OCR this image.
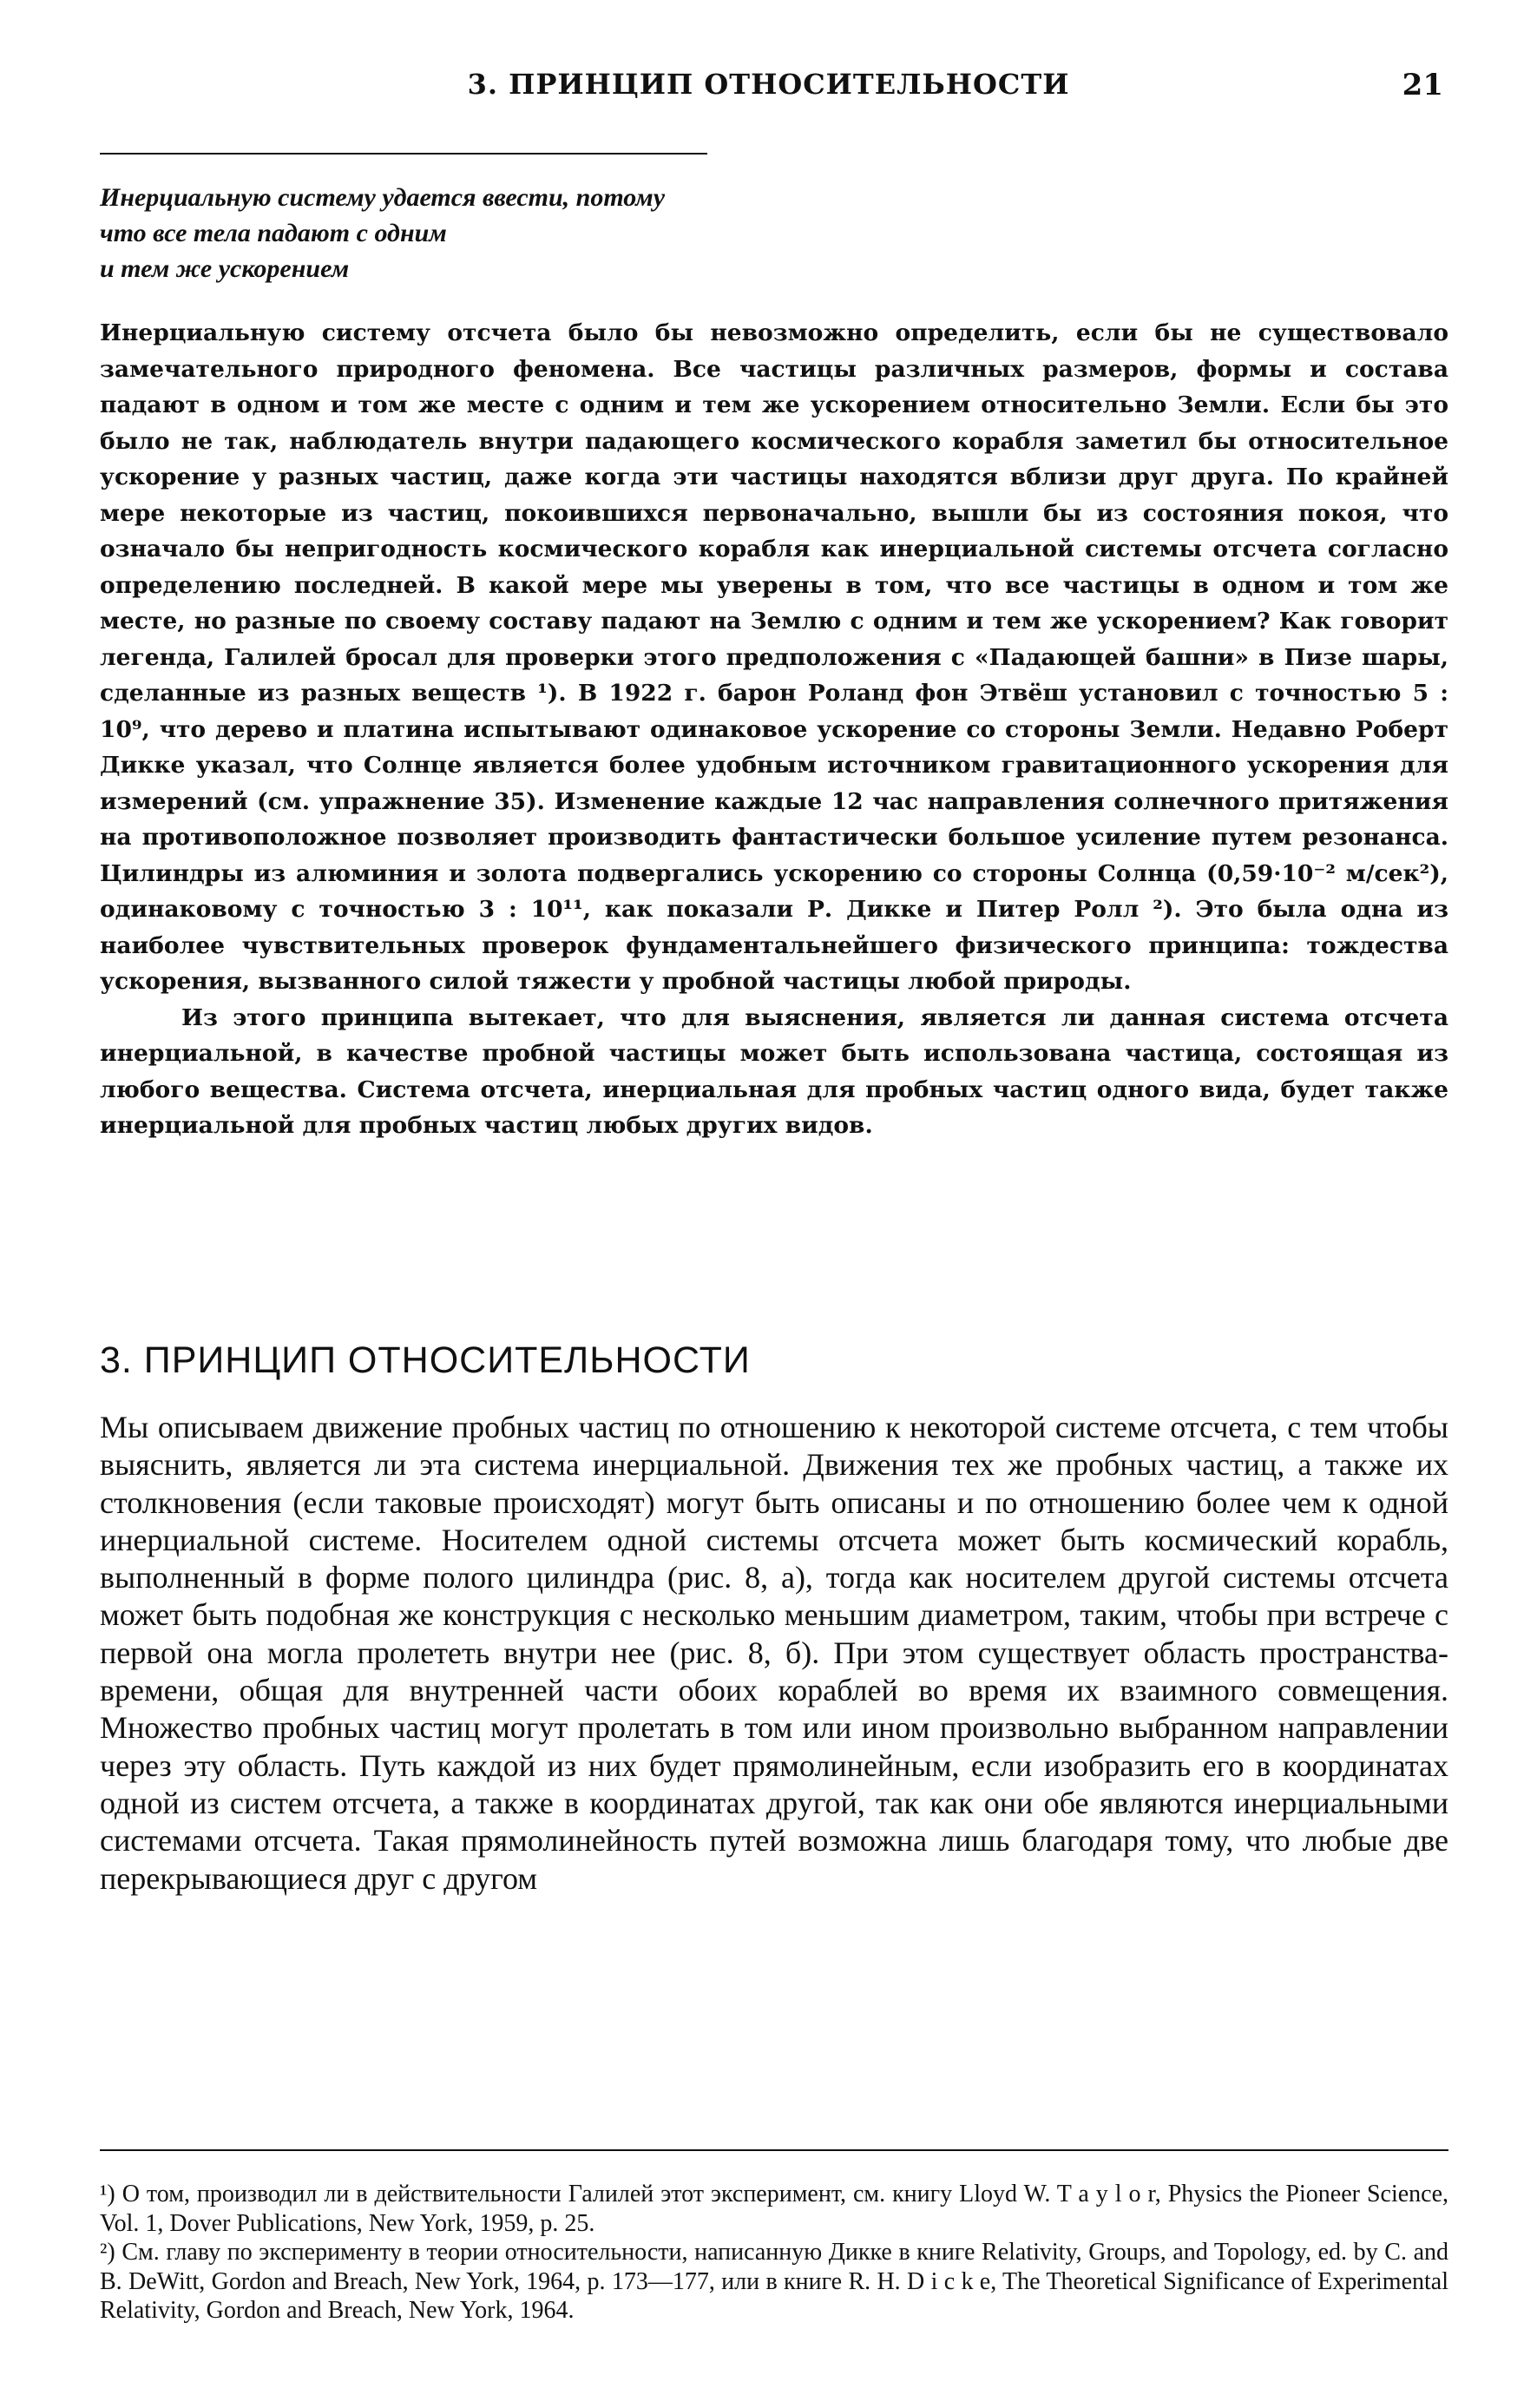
3. ПРИНЦИП ОТНОСИТЕЛЬНОСТИ	21
Инерциальную систему удается ввести, потому
что все тела падают с одним
и тем же ускорением

Инерциальную систему отсчета было бы невозможно определить, если бы не существовало замечательного природного феномена. Все частицы различных размеров, формы и состава падают в одном и том же месте с одним и тем же ускорением относительно Земли. Если бы это было не так, наблюдатель внутри падающего космического корабля заметил бы относительное ускорение у разных частиц, даже когда эти частицы находятся вблизи друг друга. По крайней мере некоторые из частиц, покоившихся первоначально, вышли бы из состояния покоя, что означало бы непригодность космического корабля как инерциальной системы отсчета согласно определению последней. В какой мере мы уверены в том, что все частицы в одном и том же месте, но разные по своему составу падают на Землю с одним и тем же ускорением? Как говорит легенда, Галилей бросал для проверки этого предположения с «Падающей башни» в Пизе шары, сделанные из разных веществ ¹). В 1922 г. барон Роланд фон Этвёш установил с точностью 5 : 10⁹, что дерево и платина испытывают одинаковое ускорение со стороны Земли. Недавно Роберт Дикке указал, что Солнце является более удобным источником гравитационного ускорения для измерений (см. упражнение 35). Изменение каждые 12 час направления солнечного притяжения на противоположное позволяет производить фантастически большое усиление путем резонанса. Цилиндры из алюминия и золота подвергались ускорению со стороны Солнца (0,59·10⁻² м/сек²), одинаковому с точностью 3 : 10¹¹, как показали Р. Дикке и Питер Ролл ²). Это была одна из наиболее чувствительных проверок фундаментальнейшего физического принципа: тождества ускорения, вызванного силой тяжести у пробной частицы любой природы.

Из этого принципа вытекает, что для выяснения, является ли данная система отсчета инерциальной, в качестве пробной частицы может быть использована частица, состоящая из любого вещества. Система отсчета, инерциальная для пробных частиц одного вида, будет также инерциальной для пробных частиц любых других видов.

3. ПРИНЦИП ОТНОСИТЕЛЬНОСТИ

Мы описываем движение пробных частиц по отношению к некоторой системе отсчета, с тем чтобы выяснить, является ли эта система инерциальной. Движения тех же пробных частиц, а также их столкновения (если таковые происходят) могут быть описаны и по отношению более чем к одной инерциальной системе. Носителем одной системы отсчета может быть космический корабль, выполненный в форме полого цилиндра (рис. 8, а), тогда как носителем другой системы отсчета может быть подобная же конструкция с несколько меньшим диаметром, таким, чтобы при встрече с первой она могла пролететь внутри нее (рис. 8, б). При этом существует область пространства-времени, общая для внутренней части обоих кораблей во время их взаимного совмещения. Множество пробных частиц могут пролетать в том или ином произвольно выбранном направлении через эту область. Путь каждой из них будет прямолинейным, если изобразить его в координатах одной из систем отсчета, а также в координатах другой, так как они обе являются инерциальными системами отсчета. Такая прямолинейность путей возможна лишь благодаря тому, что любые две перекрывающиеся друг с другом

¹) О том, производил ли в действительности Галилей этот эксперимент, см. книгу Lloyd W. T a y l o r, Physics the Pioneer Science, Vol. 1, Dover Publications, New York, 1959, p. 25.

²) См. главу по эксперименту в теории относительности, написанную Дикке в книге Relativity, Groups, and Topology, ed. by C. and B. DeWitt, Gordon and Breach, New York, 1964, p. 173—177, или в книге R. H. D i c k e, The Theoretical Significance of Experimental Relativity, Gordon and Breach, New York, 1964.
